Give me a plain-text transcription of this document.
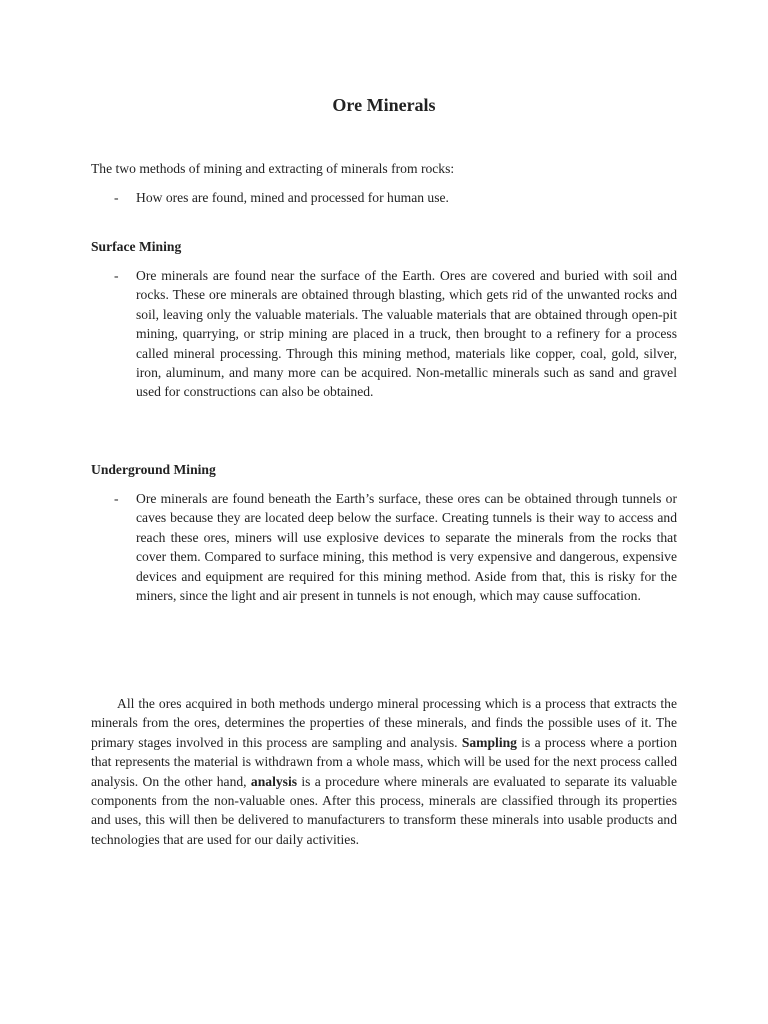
Ore Minerals

The two methods of mining and extracting of minerals from rocks:

- How ores are found, mined and processed for human use.

Surface Mining

- Ore minerals are found near the surface of the Earth. Ores are covered and buried with soil and rocks. These ore minerals are obtained through blasting, which gets rid of the unwanted rocks and soil, leaving only the valuable materials. The valuable materials that are obtained through open-pit mining, quarrying, or strip mining are placed in a truck, then brought to a refinery for a process called mineral processing. Through this mining method, materials like copper, coal, gold, silver, iron, aluminum, and many more can be acquired. Non-metallic minerals such as sand and gravel used for constructions can also be obtained.

Underground Mining

- Ore minerals are found beneath the Earth’s surface, these ores can be obtained through tunnels or caves because they are located deep below the surface. Creating tunnels is their way to access and reach these ores, miners will use explosive devices to separate the minerals from the rocks that cover them. Compared to surface mining, this method is very expensive and dangerous, expensive devices and equipment are required for this mining method. Aside from that, this is risky for the miners, since the light and air present in tunnels is not enough, which may cause suffocation.

All the ores acquired in both methods undergo mineral processing which is a process that extracts the minerals from the ores, determines the properties of these minerals, and finds the possible uses of it. The primary stages involved in this process are sampling and analysis. Sampling is a process where a portion that represents the material is withdrawn from a whole mass, which will be used for the next process called analysis. On the other hand, analysis is a procedure where minerals are evaluated to separate its valuable components from the non-valuable ones. After this process, minerals are classified through its properties and uses, this will then be delivered to manufacturers to transform these minerals into usable products and technologies that are used for our daily activities.
